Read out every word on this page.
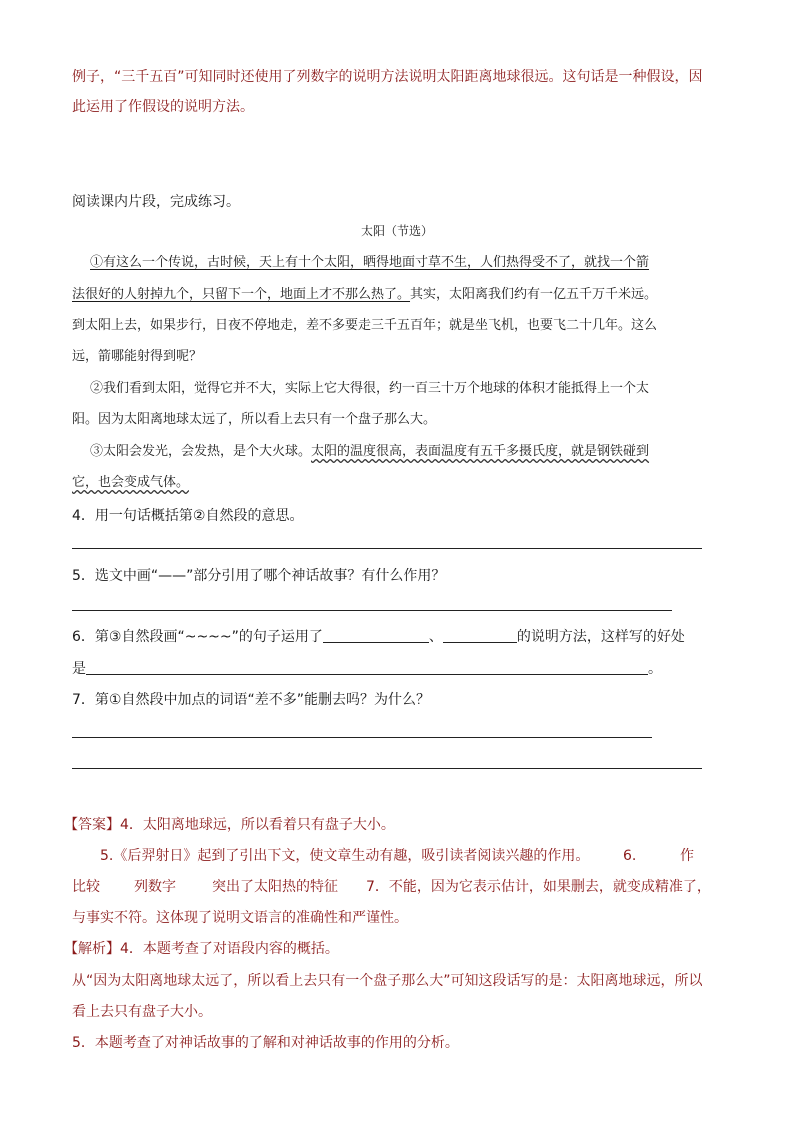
例子，“三千五百”可知同时还使用了列数字的说明方法说明太阳距离地球很远。这句话是一种假设，因
此运用了作假设的说明方法。
阅读课内片段，完成练习。
太阳（节选）
①有这么一个传说，古时候，天上有十个太阳，晒得地面寸草不生，人们热得受不了，就找一个箭
法很好的人射掉九个，只留下一个，地面上才不那么热了。其实，太阳离我们约有一亿五千万千米远。
到太阳上去，如果步行，日夜不停地走，差不多要走三千五百年；就是坐飞机，也要飞二十几年。这么
远，箭哪能射得到呢？
②我们看到太阳，觉得它并不大，实际上它大得很，约一百三十万个地球的体积才能抵得上一个太
阳。因为太阳离地球太远了，所以看上去只有一个盘子那么大。
③太阳会发光，会发热，是个大火球。太阳的温度很高，表面温度有五千多摄氏度，就是钢铁碰到
它，也会变成气体。
4．用一句话概括第②自然段的意思。
5．选文中画“——”部分引用了哪个神话故事？有什么作用？
6．第③自然段画“~~~~”的句子运用了	、	的说明方法，这样写的好处
是	。
7．第①自然段中加点的词语“差不多”能删去吗？为什么？
【答案】4．太阳离地球远，所以看着只有盘子大小。
5.《后羿射日》起到了引出下文，使文章生动有趣，吸引读者阅读兴趣的作用。 6.	作
比较 列数字	突出了太阳热的特征 7．不能，因为它表示估计，如果删去，就变成精准了，
与事实不符。这体现了说明文语言的准确性和严谨性。
【解析】4．本题考查了对语段内容的概括。
从“因为太阳离地球太远了，所以看上去只有一个盘子那么大”可知这段话写的是：太阳离地球远，所以
看上去只有盘子大小。
5．本题考查了对神话故事的了解和对神话故事的作用的分析。
